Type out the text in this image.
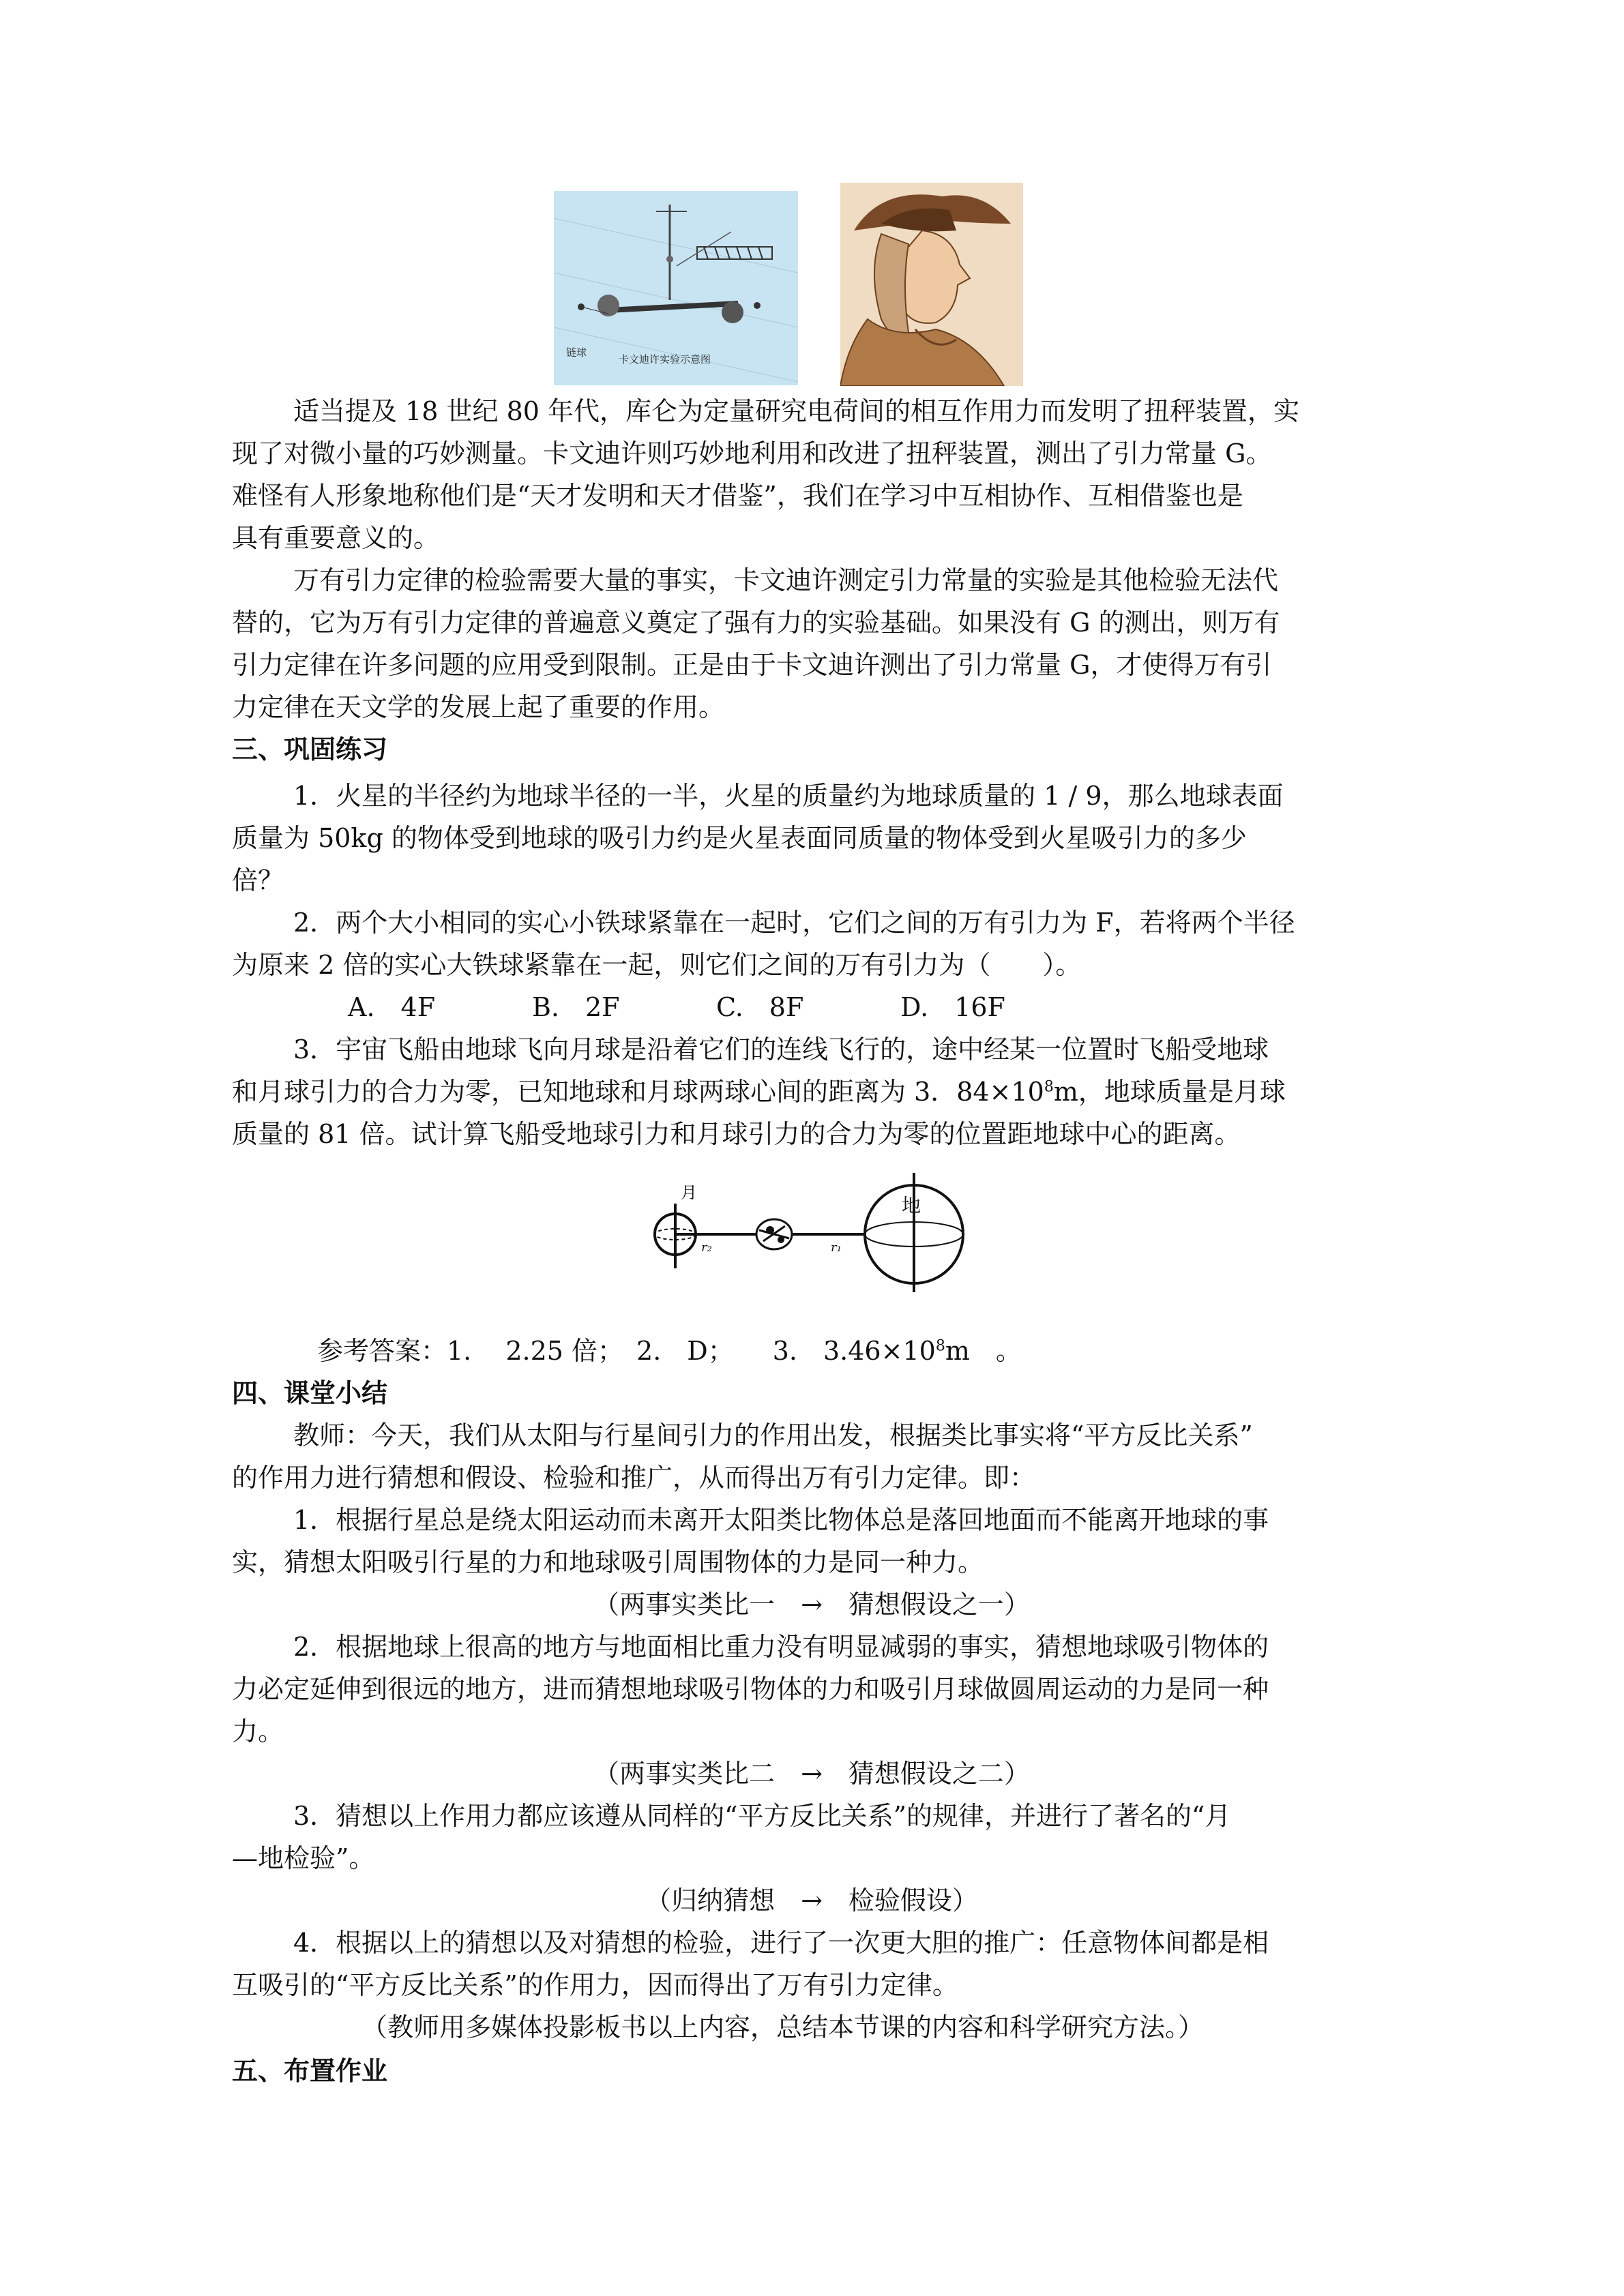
链球
卡文迪许实验示意图
适当提及 18 世纪 80 年代，库仑为定量研究电荷间的相互作用力而发明了扭秤装置，实
现了对微小量的巧妙测量。卡文迪许则巧妙地利用和改进了扭秤装置，测出了引力常量 G。
难怪有人形象地称他们是“天才发明和天才借鉴”，我们在学习中互相协作、互相借鉴也是
具有重要意义的。
万有引力定律的检验需要大量的事实，卡文迪许测定引力常量的实验是其他检验无法代
替的，它为万有引力定律的普遍意义奠定了强有力的实验基础。如果没有 G 的测出，则万有
引力定律在许多问题的应用受到限制。正是由于卡文迪许测出了引力常量 G，才使得万有引
力定律在天文学的发展上起了重要的作用。
三、巩固练习
1．火星的半径约为地球半径的一半，火星的质量约为地球质量的 1 / 9，那么地球表面
质量为 50kg 的物体受到地球的吸引力约是火星表面同质量的物体受到火星吸引力的多少
倍？
2．两个大小相同的实心小铁球紧靠在一起时，它们之间的万有引力为 F，若将两个半径
为原来 2 倍的实心大铁球紧靠在一起，则它们之间的万有引力为（　　）。
A.　4F	B.　2F	C.　8F	D.　16F
3．宇宙飞船由地球飞向月球是沿着它们的连线飞行的，途中经某一位置时飞船受地球
和月球引力的合力为零，已知地球和月球两球心间的距离为 3．$84\times 10^8m$，地球质量是月球
质量的 81 倍。试计算飞船受地球引力和月球引力的合力为零的位置距地球中心的距离。
月
r₂	r₁
地
参考答案：1.　 2.25 倍；　2.　D；　　3.　$3.46\times 10^8m$　。
四、课堂小结
教师：今天，我们从太阳与行星间引力的作用出发，根据类比事实将“平方反比关系”
的作用力进行猜想和假设、检验和推广，从而得出万有引力定律。即：
1．根据行星总是绕太阳运动而未离开太阳类比物体总是落回地面而不能离开地球的事
实，猜想太阳吸引行星的力和地球吸引周围物体的力是同一种力。
（两事实类比一　→　猜想假设之一）
2．根据地球上很高的地方与地面相比重力没有明显减弱的事实，猜想地球吸引物体的
力必定延伸到很远的地方，进而猜想地球吸引物体的力和吸引月球做圆周运动的力是同一种
力。
（两事实类比二　→　猜想假设之二）
3．猜想以上作用力都应该遵从同样的“平方反比关系”的规律，并进行了著名的“月
—地检验”。
（归纳猜想　→　检验假设）
4．根据以上的猜想以及对猜想的检验，进行了一次更大胆的推广：任意物体间都是相
互吸引的“平方反比关系”的作用力，因而得出了万有引力定律。
（教师用多媒体投影板书以上内容，总结本节课的内容和科学研究方法。）
五、布置作业
